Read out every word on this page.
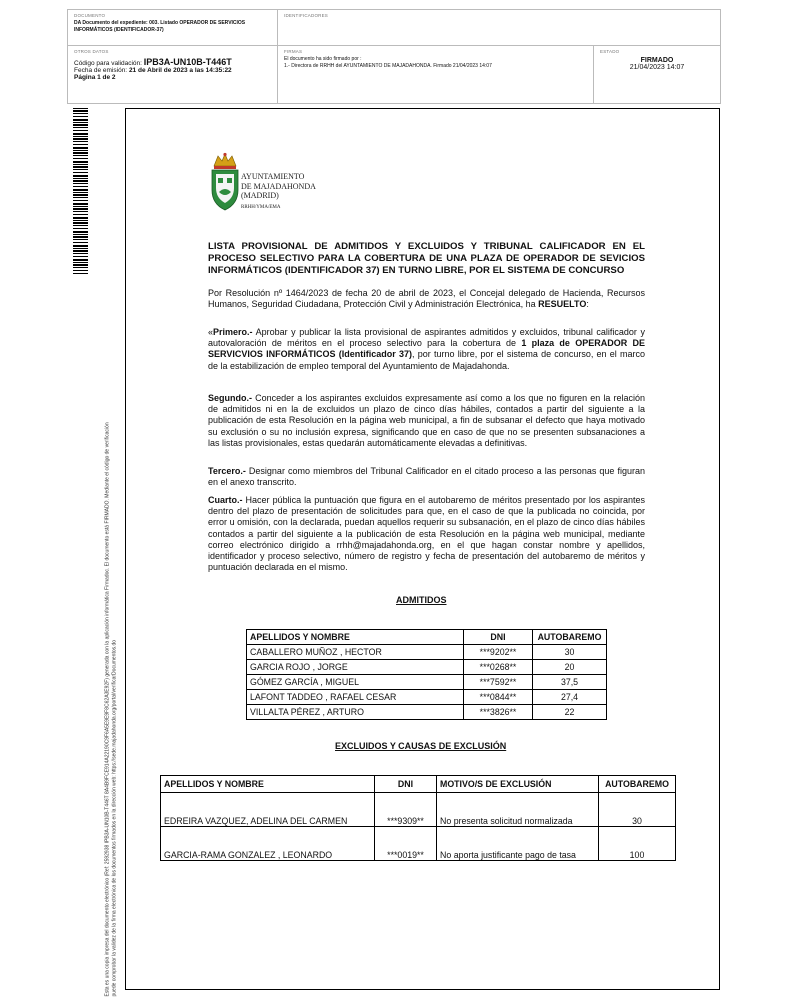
DOCUMENTO
DA Documento del expediente: 003. Listado OPERADOR DE SERVICIOS INFORMÁTICOS (IDENTIFICADOR-37)
IDENTIFICADORES
OTROS DATOS
Código para validación: IPB3A-UN10B-T446T
Fecha de emisión: 21 de Abril de 2023 a las 14:35:22
Página 1 de 2
FIRMAS
El documento ha sido firmado por :
1.- Directora de RRHH del AYUNTAMIENTO DE MAJADAHONDA. Firmado 21/04/2023 14:07
ESTADO
FIRMADO
21/04/2023 14:07
Esta es una copia impresa del documento electrónico (Ref: 2592938 IPB3A-UN10B-T446T 8A4B9FCE914A22190C9F6A5E9E9F8C62A3E92F) generada con la aplicación informática Firmadoc. El documento está FIRMADO. Mediante el código de verificación puede comprobar la validez de la firma electrónica de los documentos firmados en la dirección web: https://sede.majadahonda.org/portal/verificarDocumentos.do
AYUNTAMIENTO
DE MAJADAHONDA
(MADRID)
RRHH/YMA/EMA
LISTA PROVISIONAL DE ADMITIDOS Y EXCLUIDOS Y TRIBUNAL CALIFICADOR EN EL PROCESO SELECTIVO PARA LA COBERTURA DE UNA PLAZA DE OPERADOR DE SEVICIOS INFORMÁTICOS (IDENTIFICADOR 37) EN TURNO LIBRE, POR EL SISTEMA DE CONCURSO
Por Resolución nº 1464/2023 de fecha 20 de abril de 2023, el Concejal delegado de Hacienda, Recursos Humanos, Seguridad Ciudadana, Protección Civil y Administración Electrónica, ha RESUELTO:
«Primero.- Aprobar y publicar la lista provisional de aspirantes admitidos y excluidos, tribunal calificador y autovaloración de méritos en el proceso selectivo para la cobertura de 1 plaza de OPERADOR DE SERVICVIOS INFORMÁTICOS (Identificador 37), por turno libre, por el sistema de concurso, en el marco de la estabilización de empleo temporal del Ayuntamiento de Majadahonda.
Segundo.- Conceder a los aspirantes excluidos expresamente así como a los que no figuren en la relación de admitidos ni en la de excluidos un plazo de cinco días hábiles, contados a partir del siguiente a la publicación de esta Resolución en la página web municipal, a fin de subsanar el defecto que haya motivado su exclusión o su no inclusión expresa, significando que en caso de que no se presenten subsanaciones a las listas provisionales, estas quedarán automáticamente elevadas a definitivas.
Tercero.- Designar como miembros del Tribunal Calificador en el citado proceso a las personas que figuran en el anexo transcrito.
Cuarto.- Hacer pública la puntuación que figura en el autobaremo de méritos presentado por los aspirantes dentro del plazo de presentación de solicitudes para que, en el caso de que la publicada no coincida, por error u omisión, con la declarada, puedan aquellos requerir su subsanación, en el plazo de cinco días hábiles contados a partir del siguiente a la publicación de esta Resolución en la página web municipal, mediante correo electrónico dirigido a rrhh@majadahonda.org, en el que hagan constar nombre y apellidos, identificador y proceso selectivo, número de registro y fecha de presentación del autobaremo de méritos y puntuación declarada en el mismo.
ADMITIDOS
APELLIDOS Y NOMBRE	DNI	AUTOBAREMO
CABALLERO MUÑOZ , HECTOR	***9202**	30
GARCIA ROJO , JORGE	***0268**	20
GÓMEZ GARCÍA , MIGUEL	***7592**	37,5
LAFONT TADDEO , RAFAEL CESAR	***0844**	27,4
VILLALTA PÉREZ , ARTURO	***3826**	22
EXCLUIDOS Y CAUSAS DE EXCLUSIÓN
APELLIDOS Y NOMBRE	DNI	MOTIVO/S DE EXCLUSIÓN	AUTOBAREMO
EDREIRA VAZQUEZ, ADELINA DEL CARMEN	***9309**	No presenta solicitud normalizada	30
GARCIA-RAMA GONZALEZ , LEONARDO	***0019**	No aporta justificante pago de tasa	100
